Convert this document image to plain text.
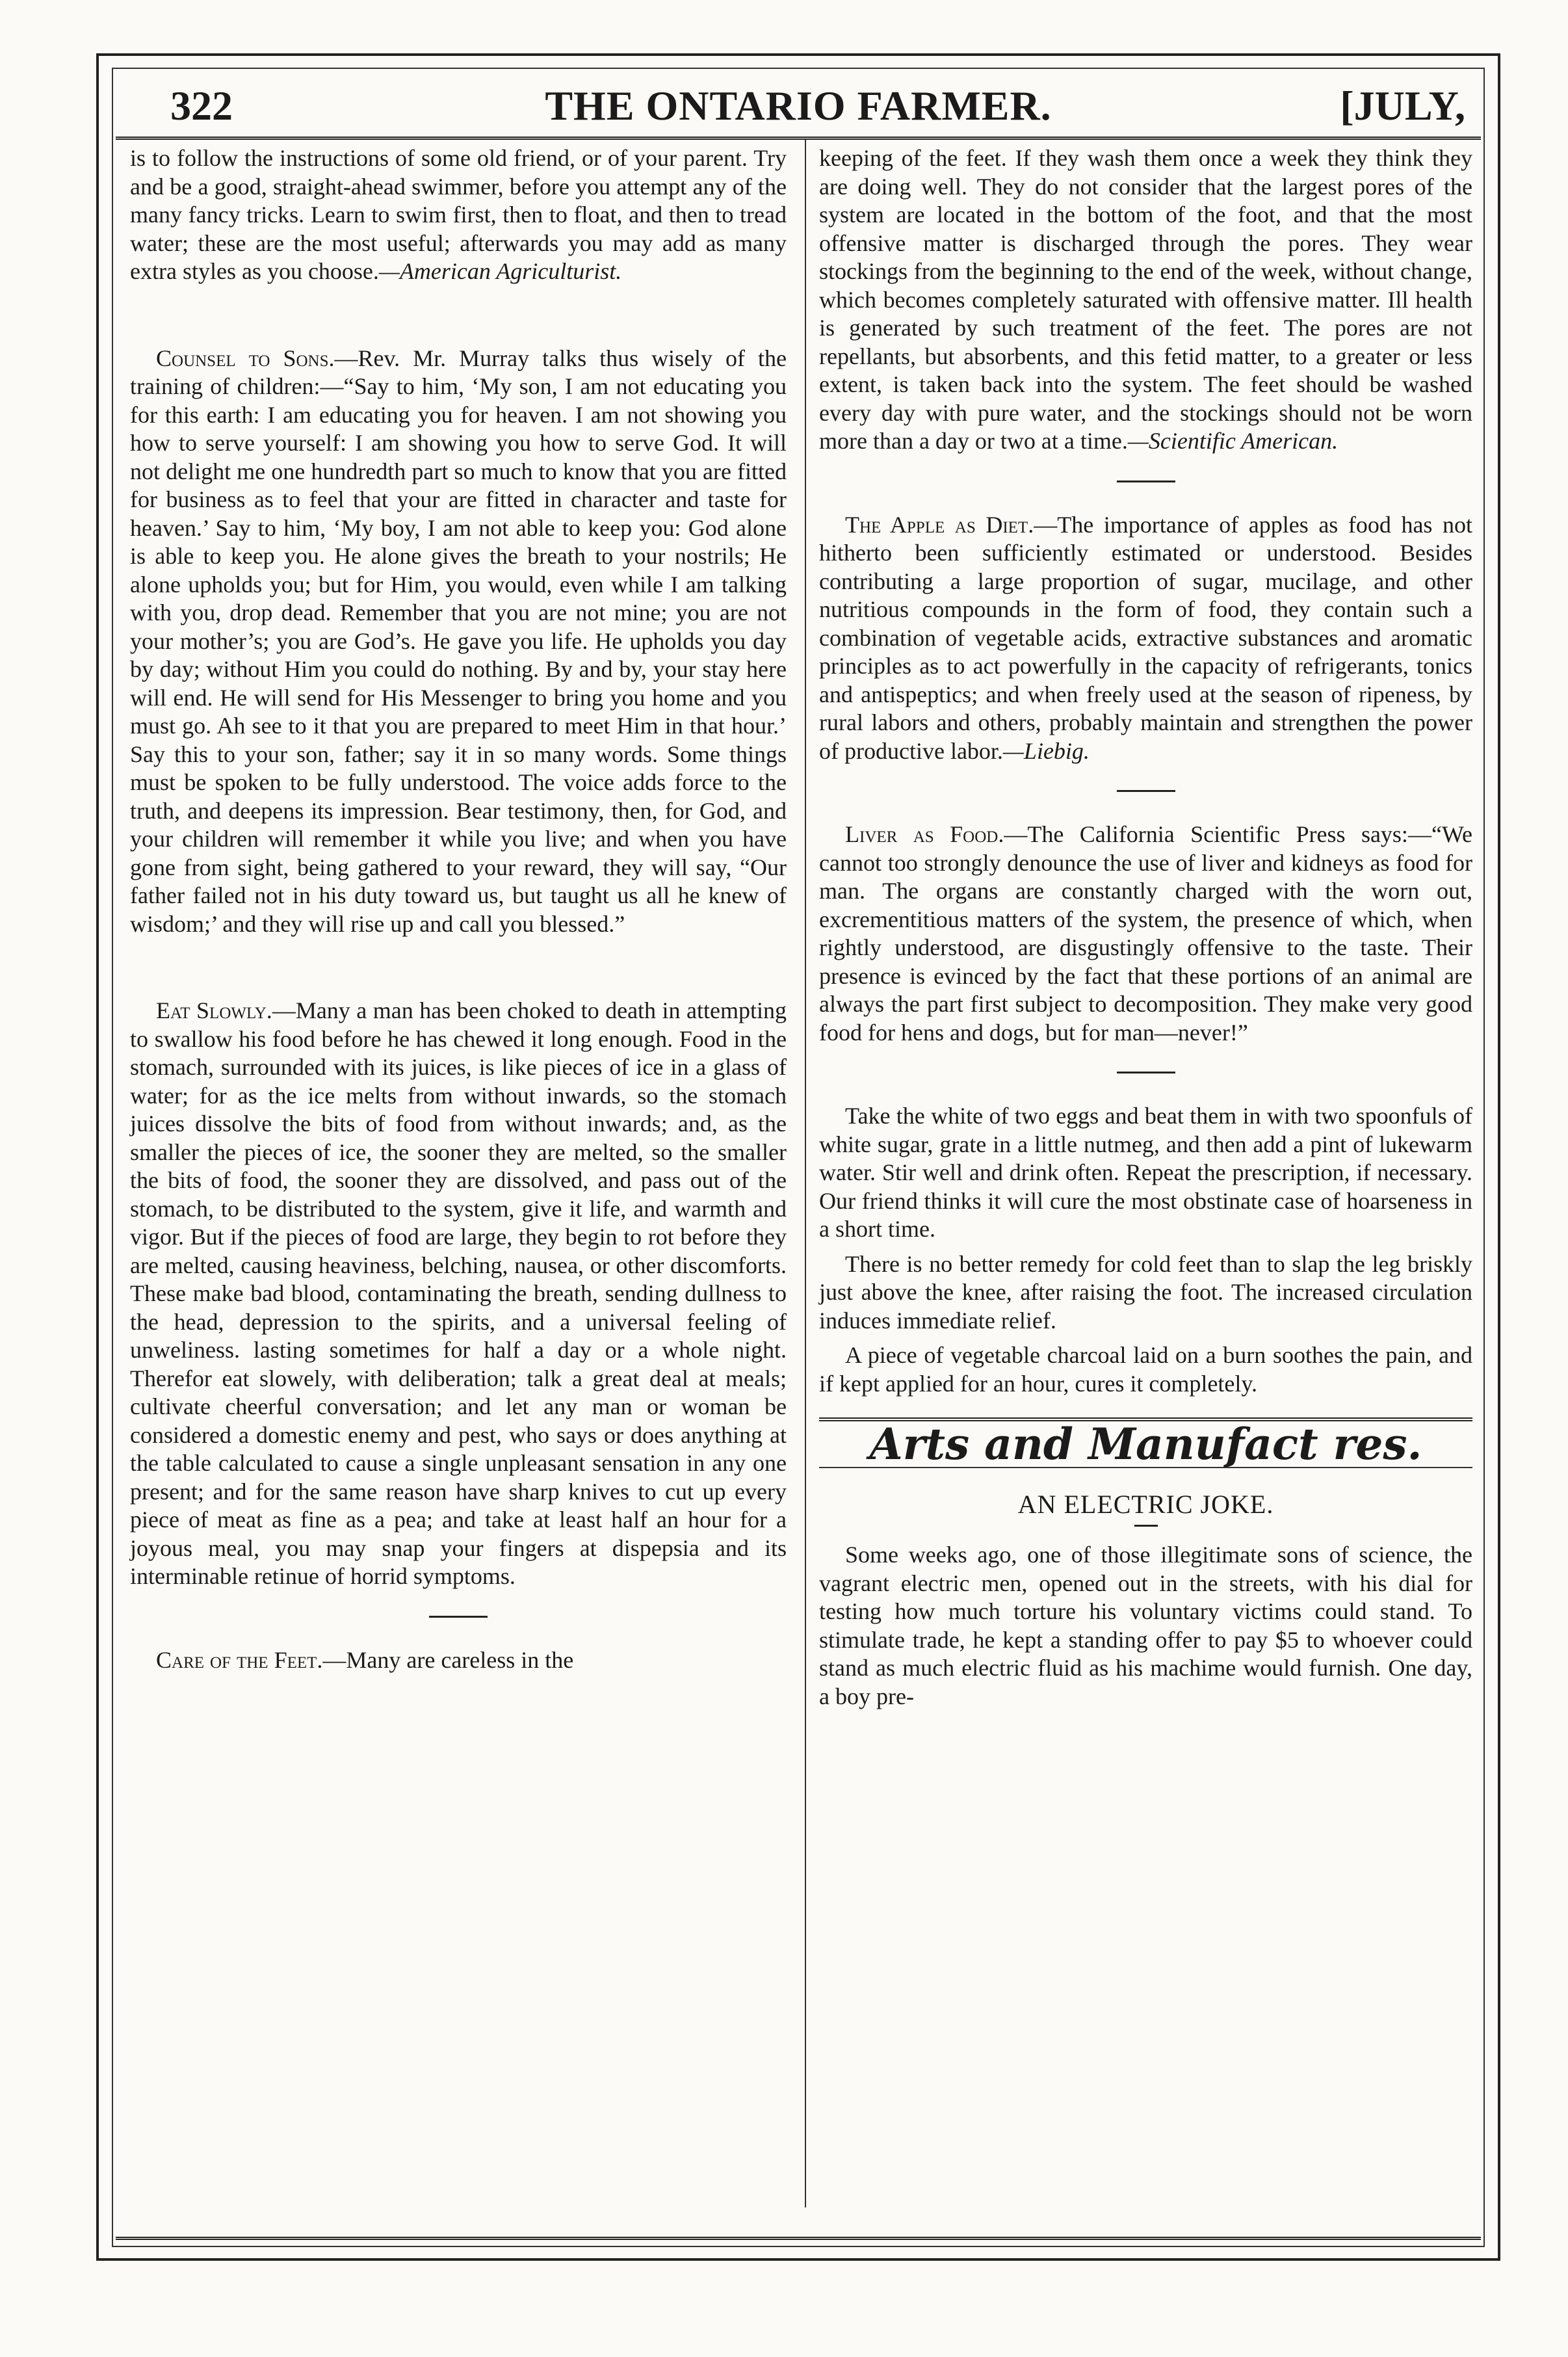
322	THE ONTARIO FARMER.	[JULY,

is to follow the instructions of some old friend, or of your parent. Try and be a good, straight-ahead swimmer, before you attempt any of the many fancy tricks. Learn to swim first, then to float, and then to tread water; these are the most useful; afterwards you may add as many extra styles as you choose.—American Agriculturist.

Counsel to Sons.—Rev. Mr. Murray talks thus wisely of the training of children:—“Say to him, ‘My son, I am not educating you for this earth: I am educating you for heaven. I am not showing you how to serve yourself: I am showing you how to serve God. It will not delight me one hundredth part so much to know that you are fitted for business as to feel that your are fitted in character and taste for heaven.’ Say to him, ‘My boy, I am not able to keep you: God alone is able to keep you. He alone gives the breath to your nostrils; He alone upholds you; but for Him, you would, even while I am talking with you, drop dead. Remember that you are not mine; you are not your mother’s; you are God’s. He gave you life. He upholds you day by day; without Him you could do nothing. By and by, your stay here will end. He will send for His Messenger to bring you home and you must go. Ah see to it that you are prepared to meet Him in that hour.’ Say this to your son, father; say it in so many words. Some things must be spoken to be fully understood. The voice adds force to the truth, and deepens its impression. Bear testimony, then, for God, and your children will remember it while you live; and when you have gone from sight, being gathered to your reward, they will say, “Our father failed not in his duty toward us, but taught us all he knew of wisdom;’ and they will rise up and call you blessed.”

Eat Slowly.—Many a man has been choked to death in attempting to swallow his food before he has chewed it long enough. Food in the stomach, surrounded with its juices, is like pieces of ice in a glass of water; for as the ice melts from without inwards, so the stomach juices dissolve the bits of food from without inwards; and, as the smaller the pieces of ice, the sooner they are melted, so the smaller the bits of food, the sooner they are dissolved, and pass out of the stomach, to be distributed to the system, give it life, and warmth and vigor. But if the pieces of food are large, they begin to rot before they are melted, causing heaviness, belching, nausea, or other discomforts. These make bad blood, contaminating the breath, sending dullness to the head, depression to the spirits, and a universal feeling of unweliness. lasting sometimes for half a day or a whole night. Therefor eat slowely, with deliberation; talk a great deal at meals; cultivate cheerful conversation; and let any man or woman be considered a domestic enemy and pest, who says or does anything at the table calculated to cause a single unpleasant sensation in any one present; and for the same reason have sharp knives to cut up every piece of meat as fine as a pea; and take at least half an hour for a joyous meal, you may snap your fingers at dispepsia and its interminable retinue of horrid symptoms.

Care of the Feet.—Many are careless in the

keeping of the feet. If they wash them once a week they think they are doing well. They do not consider that the largest pores of the system are located in the bottom of the foot, and that the most offensive matter is discharged through the pores. They wear stockings from the beginning to the end of the week, without change, which becomes completely saturated with offensive matter. Ill health is generated by such treatment of the feet. The pores are not repellants, but absorbents, and this fetid matter, to a greater or less extent, is taken back into the system. The feet should be washed every day with pure water, and the stockings should not be worn more than a day or two at a time.—Scientific American.

The Apple as Diet.—The importance of apples as food has not hitherto been sufficiently estimated or understood. Besides contributing a large proportion of sugar, mucilage, and other nutritious compounds in the form of food, they contain such a combination of vegetable acids, extractive substances and aromatic principles as to act powerfully in the capacity of refrigerants, tonics and antispeptics; and when freely used at the season of ripeness, by rural labors and others, probably maintain and strengthen the power of productive labor.—Liebig.

Liver as Food.—The California Scientific Press says:—“We cannot too strongly denounce the use of liver and kidneys as food for man. The organs are constantly charged with the worn out, excrementitious matters of the system, the presence of which, when rightly understood, are disgustingly offensive to the taste. Their presence is evinced by the fact that these portions of an animal are always the part first subject to decomposition. They make very good food for hens and dogs, but for man—never!”

Take the white of two eggs and beat them in with two spoonfuls of white sugar, grate in a little nutmeg, and then add a pint of lukewarm water. Stir well and drink often. Repeat the prescription, if necessary. Our friend thinks it will cure the most obstinate case of hoarseness in a short time.

There is no better remedy for cold feet than to slap the leg briskly just above the knee, after raising the foot. The increased circulation induces immediate relief.

A piece of vegetable charcoal laid on a burn soothes the pain, and if kept applied for an hour, cures it completely.

Arts and Manufact res.
AN ELECTRIC JOKE.

Some weeks ago, one of those illegitimate sons of science, the vagrant electric men, opened out in the streets, with his dial for testing how much torture his voluntary victims could stand. To stimulate trade, he kept a standing offer to pay $5 to whoever could stand as much electric fluid as his machime would furnish. One day, a boy pre-
